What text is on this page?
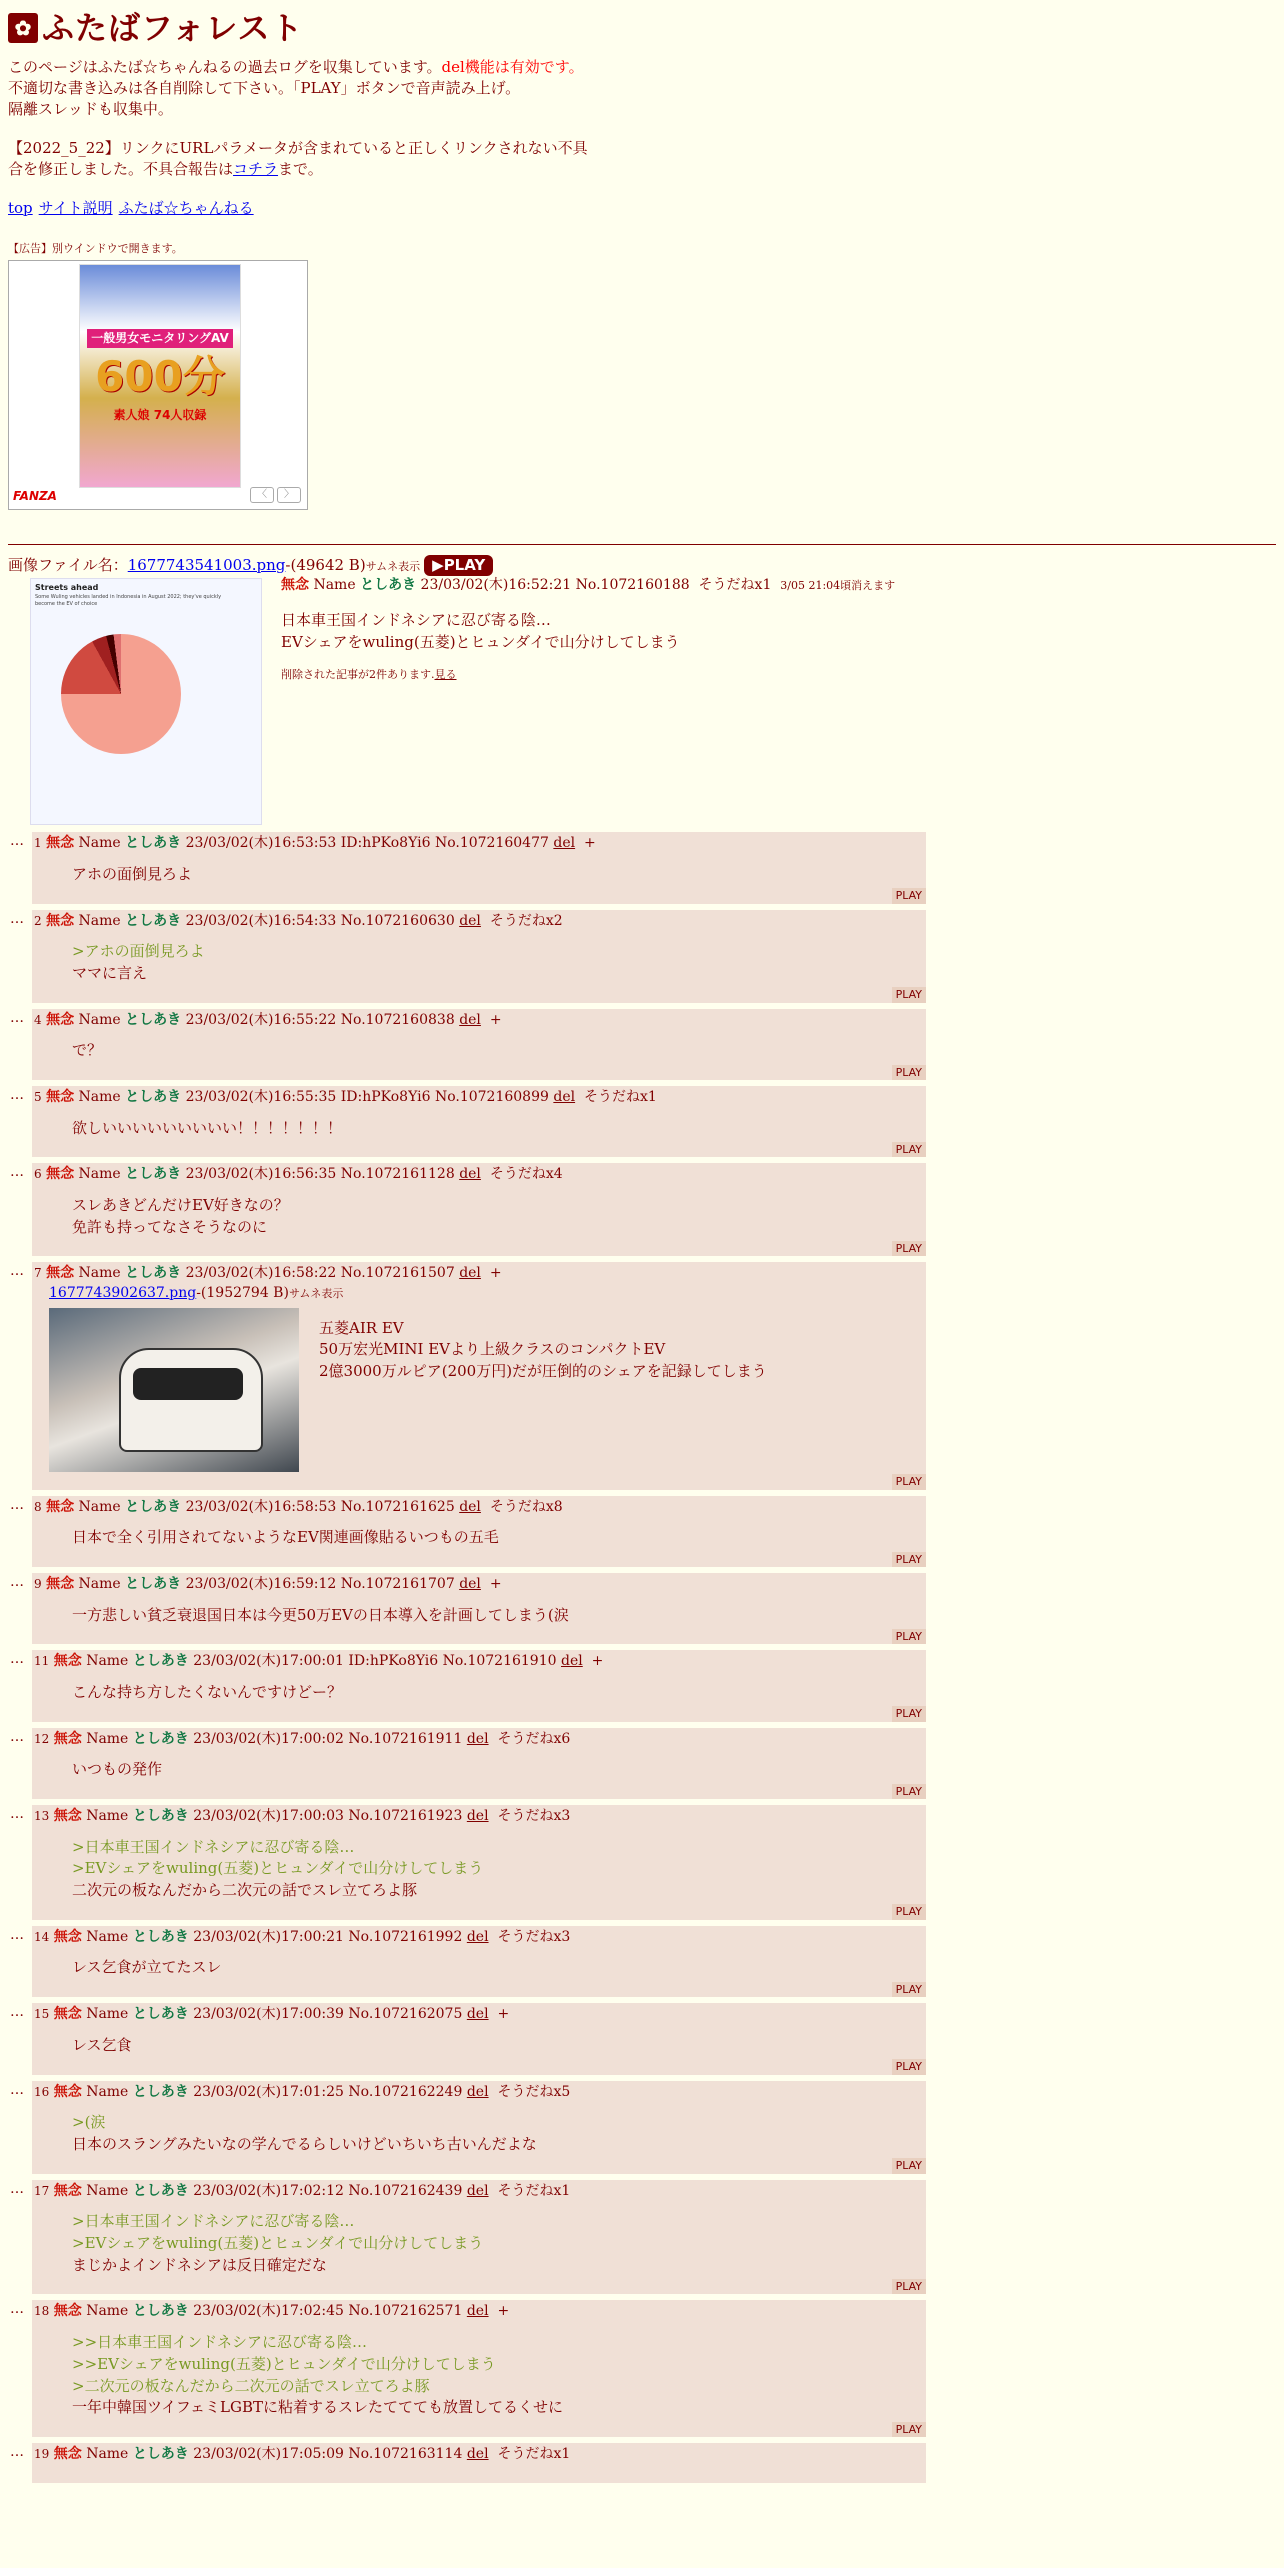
✿ ふたばフォレスト
このページはふたば☆ちゃんねるの過去ログを収集しています。del機能は有効です。不適切な書き込みは各自削除して下さい。「PLAY」ボタンで音声読み上げ。
隔離スレッドも収集中。
【2022_5_22】リンクにURLパラメータが含まれていると正しくリンクされない不具合を修正しました。不具合報告はコチラまで。
top サイト説明 ふたば☆ちゃんねる
【広告】別ウインドウで開きます。
一般男女モニタリングAV
600分
素人娘 74人収録
FANZA	〈	〉
画像ファイル名：1677743541003.png-(49642 B)サムネ表示 ▶PLAY
Streets ahead
Some Wuling vehicles landed in Indonesia in August 2022; they've quickly become the EV of choice
無念 Name としあき 23/03/02(木)16:52:21 No.1072160188 そうだねx1 3/05 21:04頃消えます
日本車王国インドネシアに忍び寄る陰…
EVシェアをwuling(五菱)とヒュンダイで山分けしてしまう
削除された記事が2件あります.見る
… 1 無念 Name としあき 23/03/02(木)16:53:53 ID:hPKo8Yi6 No.1072160477 del +
アホの面倒見ろよ
PLAY
… 2 無念 Name としあき 23/03/02(木)16:54:33 No.1072160630 del そうだねx2
>アホの面倒見ろよ
ママに言え
PLAY
… 4 無念 Name としあき 23/03/02(木)16:55:22 No.1072160838 del +
で？
PLAY
… 5 無念 Name としあき 23/03/02(木)16:55:35 ID:hPKo8Yi6 No.1072160899 del そうだねx1
欲しいいいいいいいいい！！！！！！！
PLAY
… 6 無念 Name としあき 23/03/02(木)16:56:35 No.1072161128 del そうだねx4
スレあきどんだけEV好きなの？
免許も持ってなさそうなのに
PLAY
… 7 無念 Name としあき 23/03/02(木)16:58:22 No.1072161507 del +
1677743902637.png-(1952794 B)サムネ表示
五菱AIR EV
50万宏光MINI EVより上級クラスのコンパクトEV
2億3000万ルピア(200万円)だが圧倒的のシェアを記録してしまう
PLAY
… 8 無念 Name としあき 23/03/02(木)16:58:53 No.1072161625 del そうだねx8
日本で全く引用されてないようなEV関連画像貼るいつもの五毛
PLAY
… 9 無念 Name としあき 23/03/02(木)16:59:12 No.1072161707 del +
一方悲しい貧乏衰退国日本は今更50万EVの日本導入を計画してしまう(涙
PLAY
… 11 無念 Name としあき 23/03/02(木)17:00:01 ID:hPKo8Yi6 No.1072161910 del +
こんな持ち方したくないんですけどー？
PLAY
… 12 無念 Name としあき 23/03/02(木)17:00:02 No.1072161911 del そうだねx6
いつもの発作
PLAY
… 13 無念 Name としあき 23/03/02(木)17:00:03 No.1072161923 del そうだねx3
>日本車王国インドネシアに忍び寄る陰…
>EVシェアをwuling(五菱)とヒュンダイで山分けしてしまう
二次元の板なんだから二次元の話でスレ立てろよ豚
PLAY
… 14 無念 Name としあき 23/03/02(木)17:00:21 No.1072161992 del そうだねx3
レス乞食が立てたスレ
PLAY
… 15 無念 Name としあき 23/03/02(木)17:00:39 No.1072162075 del +
レス乞食
PLAY
… 16 無念 Name としあき 23/03/02(木)17:01:25 No.1072162249 del そうだねx5
>(涙
日本のスラングみたいなの学んでるらしいけどいちいち古いんだよな
PLAY
… 17 無念 Name としあき 23/03/02(木)17:02:12 No.1072162439 del そうだねx1
>日本車王国インドネシアに忍び寄る陰…
>EVシェアをwuling(五菱)とヒュンダイで山分けしてしまう
まじかよインドネシアは反日確定だな
PLAY
… 18 無念 Name としあき 23/03/02(木)17:02:45 No.1072162571 del +
>>日本車王国インドネシアに忍び寄る陰…
>>EVシェアをwuling(五菱)とヒュンダイで山分けしてしまう
>二次元の板なんだから二次元の話でスレ立てろよ豚
一年中韓国ツイフェミLGBTに粘着するスレたててても放置してるくせに
PLAY
… 19 無念 Name としあき 23/03/02(木)17:05:09 No.1072163114 del そうだねx1
